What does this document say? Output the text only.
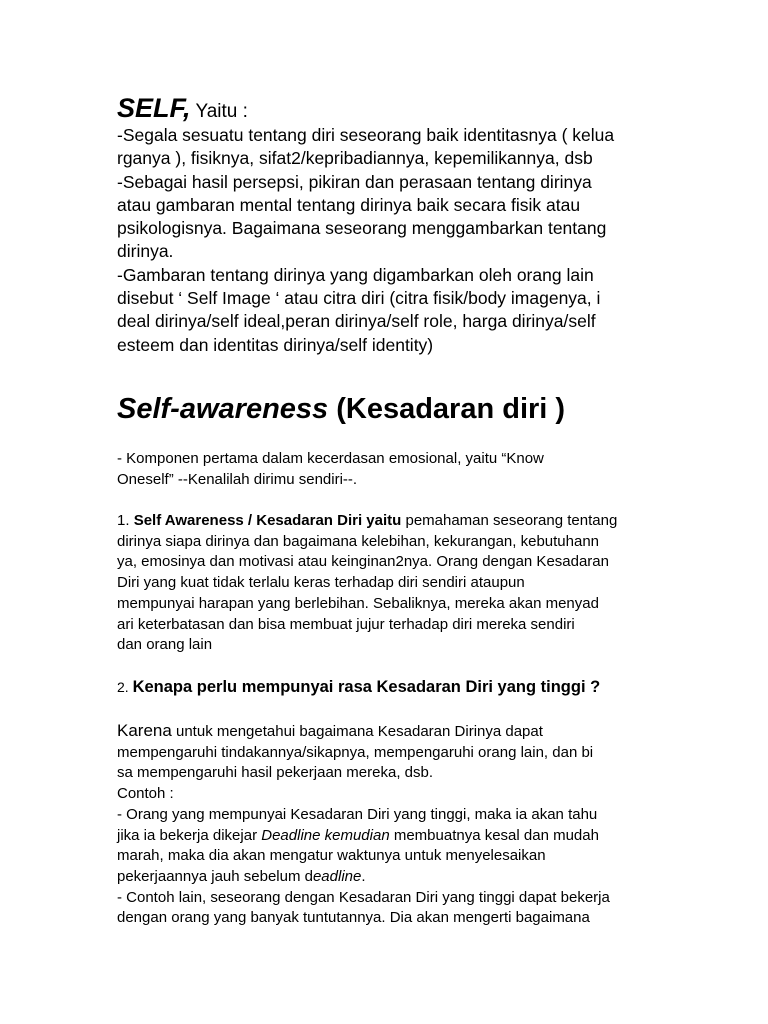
SELF, Yaitu :
-Segala sesuatu tentang diri seseorang baik identitasnya ( kelua
rganya ), fisiknya, sifat2/kepribadiannya, kepemilikannya, dsb
-Sebagai hasil persepsi, pikiran dan perasaan tentang dirinya
atau gambaran mental tentang dirinya baik secara fisik atau
psikologisnya. Bagaimana seseorang menggambarkan tentang
dirinya.
-Gambaran tentang dirinya yang digambarkan oleh orang lain
disebut ‘ Self Image ‘ atau citra diri (citra fisik/body imagenya, i
deal dirinya/self ideal,peran dirinya/self role, harga dirinya/self
esteem dan identitas dirinya/self identity)
Self-awareness (Kesadaran diri )
- Komponen pertama dalam kecerdasan emosional, yaitu “Know
Oneself” --Kenalilah dirimu sendiri--.
1. Self Awareness / Kesadaran Diri yaitu pemahaman seseorang tentang
dirinya siapa dirinya dan bagaimana kelebihan, kekurangan, kebutuhann
ya, emosinya dan motivasi atau keinginan2nya. Orang dengan Kesadaran
Diri yang kuat tidak terlalu keras terhadap diri sendiri ataupun
mempunyai harapan yang berlebihan. Sebaliknya, mereka akan menyad
ari keterbatasan dan bisa membuat jujur terhadap diri mereka sendiri
dan orang lain
2. Kenapa perlu mempunyai rasa Kesadaran Diri yang tinggi ?
Karena untuk mengetahui bagaimana Kesadaran Dirinya dapat
mempengaruhi tindakannya/sikapnya, mempengaruhi orang lain, dan bi
sa mempengaruhi hasil pekerjaan mereka, dsb.
Contoh :
- Orang yang mempunyai Kesadaran Diri yang tinggi, maka ia akan tahu
jika ia bekerja dikejar Deadline kemudian membuatnya kesal dan mudah
marah, maka dia akan mengatur waktunya untuk menyelesaikan
pekerjaannya jauh sebelum deadline.
- Contoh lain, seseorang dengan Kesadaran Diri yang tinggi dapat bekerja
dengan orang yang banyak tuntutannya. Dia akan mengerti bagaimana
